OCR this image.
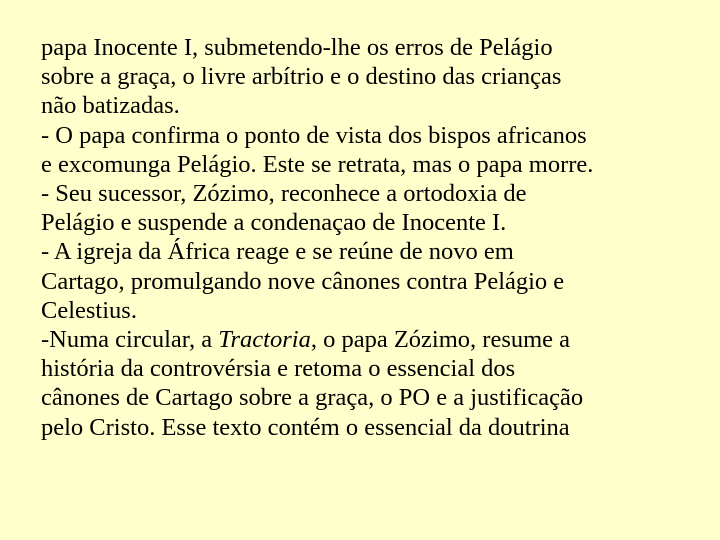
papa Inocente I, submetendo-lhe os erros de Pelágio
sobre a graça, o livre arbítrio e o destino das crianças
não batizadas.

- O papa confirma o ponto de vista dos bispos africanos
e excomunga Pelágio. Este se retrata, mas o papa morre.

- Seu sucessor, Zózimo, reconhece a ortodoxia de
Pelágio e suspende a condenaçao de Inocente I.

- A igreja da África reage e se reúne de novo em
Cartago, promulgando nove cânones contra Pelágio e
Celestius.

-Numa circular, a Tractoria, o papa Zózimo, resume a
história da controvérsia e retoma o essencial dos
cânones de Cartago sobre a graça, o PO e a justificação
pelo Cristo. Esse texto contém o essencial da doutrina
